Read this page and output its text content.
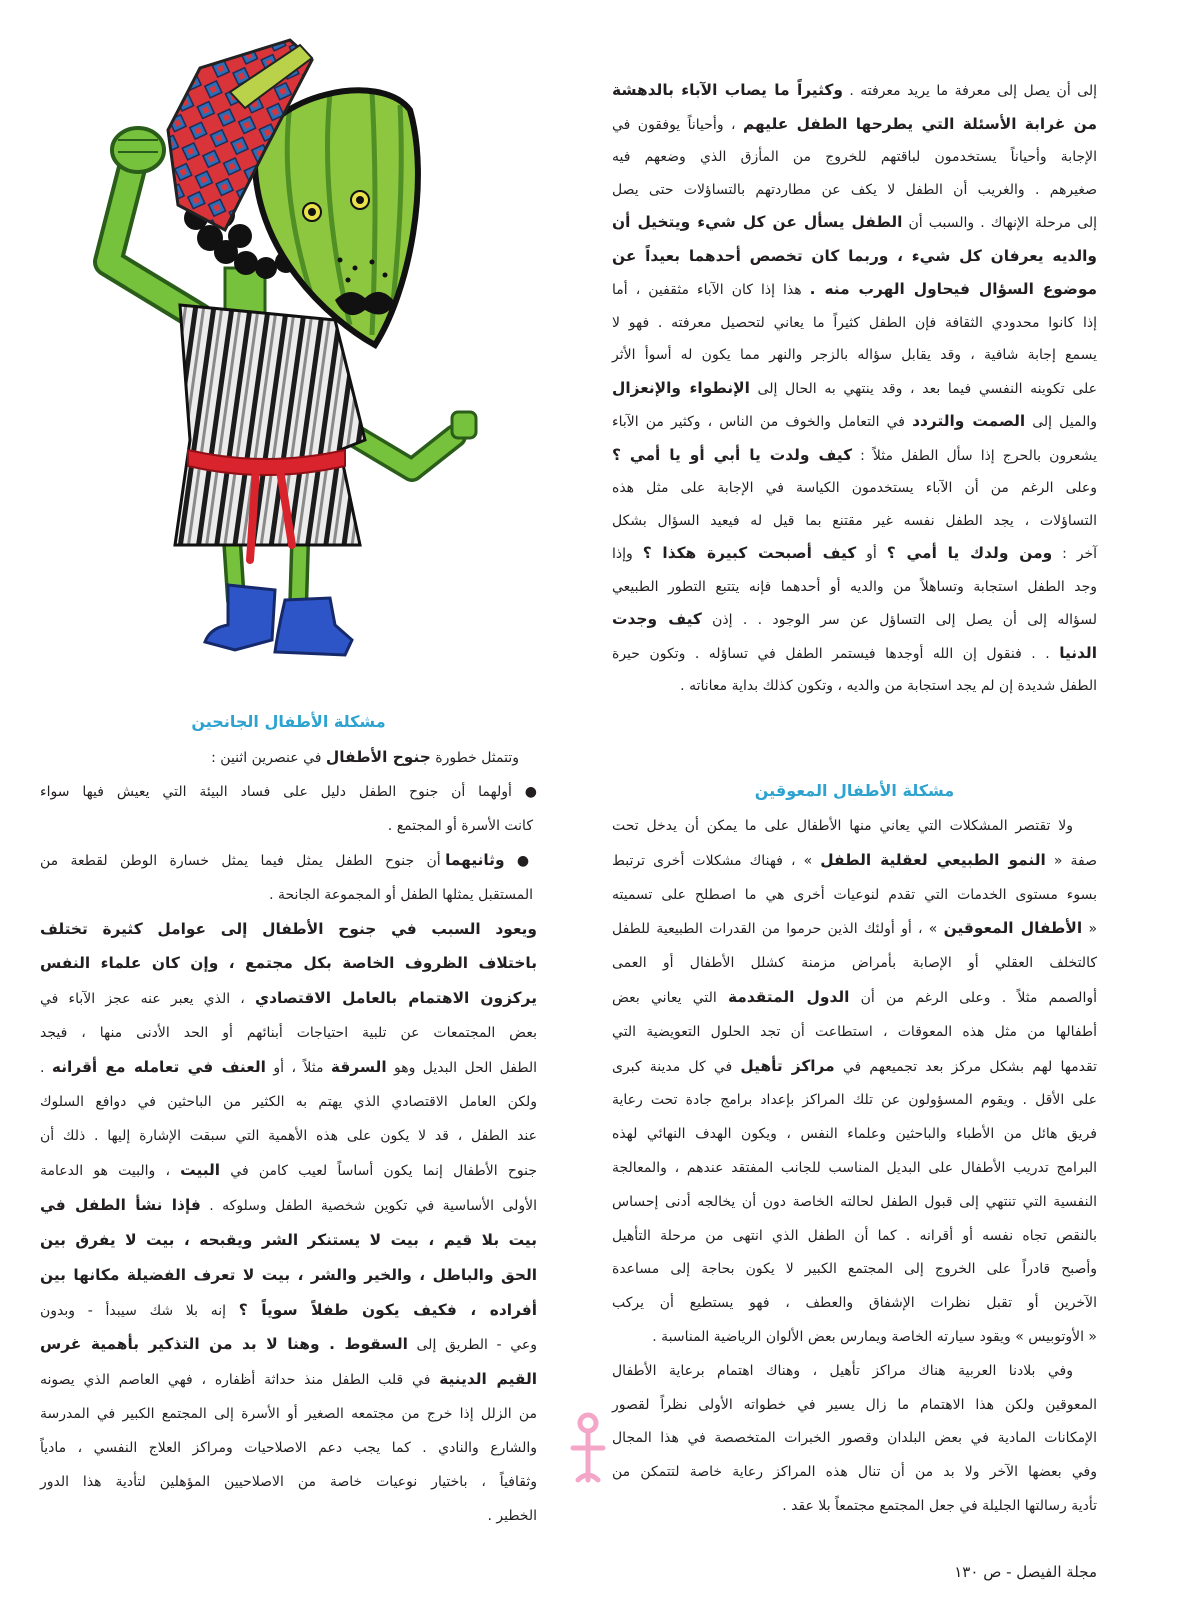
مشكلة الأطفال الجانحين
إلى أن يصل إلى معرفة ما يريد معرفته . وكثيراً ما يصاب الآباء بالدهشة
من غرابة الأسئلة التي يطرحها الطفل عليهم ، وأحياناً يوفقون في
الإجابة وأحياناً يستخدمون لباقتهم للخروج من المأزق الذي وضعهم فيه
صغيرهم . والغريب أن الطفل لا يكف عن مطاردتهم بالتساؤلات حتى يصل
إلى مرحلة الإنهاك . والسبب أن الطفل يسأل عن كل شيء ويتخيل أن
والديه يعرفان كل شيء ، وربما كان تخصص أحدهما بعيداً عن
موضوع السؤال فيحاول الهرب منه . هذا إذا كان الآباء مثقفين ، أما
إذا كانوا محدودي الثقافة فإن الطفل كثيراً ما يعاني لتحصيل معرفته . فهو لا
يسمع إجابة شافية ، وقد يقابل سؤاله بالزجر والنهر مما يكون له أسوأ الأثر
على تكوينه النفسي فيما بعد ، وقد ينتهي به الحال إلى الإنطواء والإنعزال
والميل إلى الصمت والتردد في التعامل والخوف من الناس ، وكثير من الآباء
يشعرون بالحرج إذا سأل الطفل مثلاً : كيف ولدت يا أبي أو يا أمي ؟
وعلى الرغم من أن الآباء يستخدمون الكياسة في الإجابة على مثل هذه
التساؤلات ، يجد الطفل نفسه غير مقتنع بما قيل له فيعيد السؤال بشكل
آخر : ومن ولدك يا أمي ؟ أو كيف أصبحت كبيرة هكذا ؟ وإذا
وجد الطفل استجابة وتساهلاً من والديه أو أحدهما فإنه يتتبع التطور الطبيعي
لسؤاله إلى أن يصل إلى التساؤل عن سر الوجود . . إذن كيف وجدت
الدنيا . . فنقول إن الله أوجدها فيستمر الطفل في تساؤله . وتكون حيرة
الطفل شديدة إن لم يجد استجابة من والديه ، وتكون كذلك بداية معاناته .
مشكلة الأطفال المعوقين
ولا تقتصر المشكلات التي يعاني منها الأطفال على ما يمكن أن يدخل تحت
صفة « النمو الطبيعي لعقلية الطفل » ، فهناك مشكلات أخرى ترتبط
بسوء مستوى الخدمات التي تقدم لنوعيات أخرى هي ما اصطلح على تسميته
« الأطفال المعوقين » ، أو أولئك الذين حرموا من القدرات الطبيعية للطفل
كالتخلف العقلي أو الإصابة بأمراض مزمنة كشلل الأطفال أو العمى
أوالصمم مثلاً . وعلى الرغم من أن الدول المتقدمة التي يعاني بعض
أطفالها من مثل هذه المعوقات ، استطاعت أن تجد الحلول التعويضية التي
تقدمها لهم بشكل مركز بعد تجميعهم في مراكز تأهيل في كل مدينة كبرى
على الأقل . ويقوم المسؤولون عن تلك المراكز بإعداد برامج جادة تحت رعاية
فريق هائل من الأطباء والباحثين وعلماء النفس ، ويكون الهدف النهائي لهذه
البرامج تدريب الأطفال على البديل المناسب للجانب المفتقد عندهم ، والمعالجة
النفسية التي تنتهي إلى قبول الطفل لحالته الخاصة دون أن يخالجه أدنى إحساس
بالنقص تجاه نفسه أو أقرانه . كما أن الطفل الذي انتهى من مرحلة التأهيل
وأصبح قادراً على الخروج إلى المجتمع الكبير لا يكون بحاجة إلى مساعدة
الآخرين أو تقبل نظرات الإشفاق والعطف ، فهو يستطيع أن يركب
« الأوتوبيس » ويقود سيارته الخاصة ويمارس بعض الألوان الرياضية المناسبة .
وفي بلادنا العربية هناك مراكز تأهيل ، وهناك اهتمام برعاية الأطفال
المعوقين ولكن هذا الاهتمام ما زال يسير في خطواته الأولى نظراً لقصور
الإمكانات المادية في بعض البلدان وقصور الخبرات المتخصصة في هذا المجال
وفي بعضها الآخر ولا بد من أن تنال هذه المراكز رعاية خاصة لتتمكن من
تأدية رسالتها الجليلة في جعل المجتمع مجتمعاً بلا عقد .
وتتمثل خطورة جنوح الأطفال في عنصرين اثنين :
● أولهما أن جنوح الطفل دليل على فساد البيئة التي يعيش فيها سواء
كانت الأسرة أو المجتمع .
● وثانيهما أن جنوح الطفل يمثل فيما يمثل خسارة الوطن لقطعة من
المستقبل يمثلها الطفل أو المجموعة الجانحة .
ويعود السبب في جنوح الأطفال إلى عوامل كثيرة تختلف
باختلاف الظروف الخاصة بكل مجتمع ، وإن كان علماء النفس
يركزون الاهتمام بالعامل الاقتصادي ، الذي يعبر عنه عجز الآباء في
بعض المجتمعات عن تلبية احتياجات أبنائهم أو الحد الأدنى منها ، فيجد
الطفل الحل البديل وهو السرقة مثلاً ، أو العنف في تعامله مع أقرانه .
ولكن العامل الاقتصادي الذي يهتم به الكثير من الباحثين في دوافع السلوك
عند الطفل ، قد لا يكون على هذه الأهمية التي سبقت الإشارة إليها . ذلك أن
جنوح الأطفال إنما يكون أساساً لعيب كامن في البيت ، والبيت هو الدعامة
الأولى الأساسية في تكوين شخصية الطفل وسلوكه . فإذا نشأ الطفل في
بيت بلا قيم ، بيت لا يستنكر الشر ويقبحه ، بيت لا يفرق بين
الحق والباطل ، والخير والشر ، بيت لا تعرف الفضيلة مكانها بين
أفراده ، فكيف يكون طفلاً سوياً ؟ إنه بلا شك سيبدأ - وبدون
وعي - الطريق إلى السقوط . وهنا لا بد من التذكير بأهمية غرس
القيم الدينية في قلب الطفل منذ حداثة أظفاره ، فهي العاصم الذي يصونه
من الزلل إذا خرج من مجتمعه الصغير أو الأسرة إلى المجتمع الكبير في المدرسة
والشارع والنادي . كما يجب دعم الاصلاحيات ومراكز العلاج النفسي ، مادياً
وثقافياً ، باختيار نوعيات خاصة من الاصلاحيين المؤهلين لتأدية هذا الدور
الخطير .
مجلة الفيصل - ص ١٣٠
